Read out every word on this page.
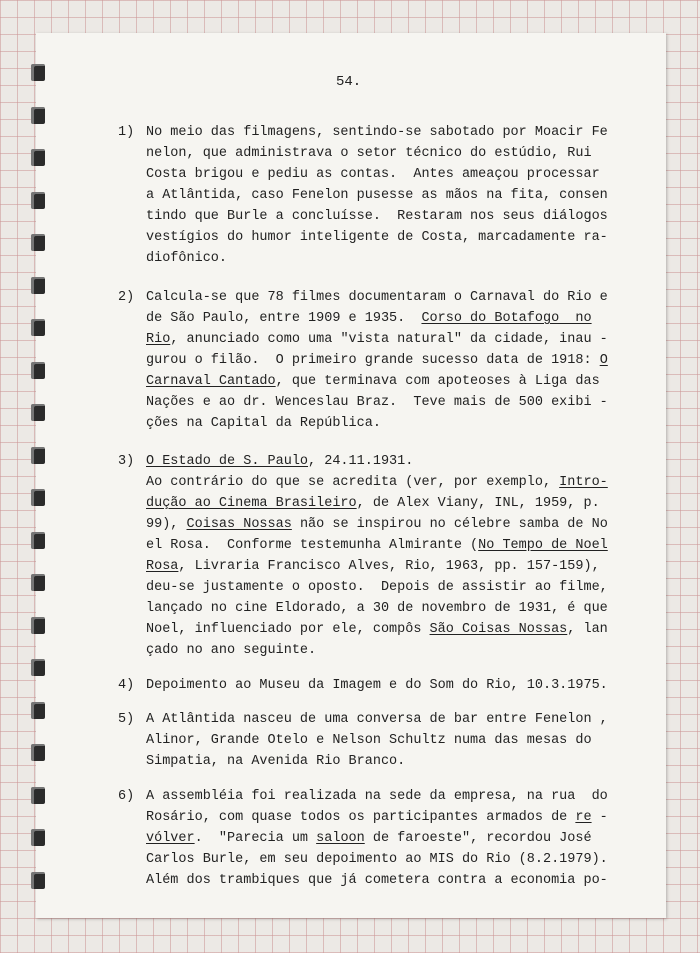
54.
1) No meio das filmagens, sentindo-se sabotado por Moacir Fe
nelon, que administrava o setor técnico do estúdio, Rui
Costa brigou e pediu as contas.  Antes ameaçou processar
a Atlântida, caso Fenelon pusesse as mãos na fita, consen
tindo que Burle a concluísse.  Restaram nos seus diálogos
vestígios do humor inteligente de Costa, marcadamente ra-
diofônico.
2) Calcula-se que 78 filmes documentaram o Carnaval do Rio e
de São Paulo, entre 1909 e 1935.  Corso do Botafogo  no
Rio, anunciado como uma "vista natural" da cidade, inau -
gurou o filão.  O primeiro grande sucesso data de 1918: O
Carnaval Cantado, que terminava com apoteoses à Liga das
Nações e ao dr. Wenceslau Braz.  Teve mais de 500 exibi -
ções na Capital da República.
3) O Estado de S. Paulo, 24.11.1931.
Ao contrário do que se acredita (ver, por exemplo, Intro-
dução ao Cinema Brasileiro, de Alex Viany, INL, 1959, p.
99), Coisas Nossas não se inspirou no célebre samba de No
el Rosa.  Conforme testemunha Almirante (No Tempo de Noel
Rosa, Livraria Francisco Alves, Rio, 1963, pp. 157-159),
deu-se justamente o oposto.  Depois de assistir ao filme,
lançado no cine Eldorado, a 30 de novembro de 1931, é que
Noel, influenciado por ele, compôs São Coisas Nossas, lan
çado no ano seguinte.
4) Depoimento ao Museu da Imagem e do Som do Rio, 10.3.1975.
5) A Atlântida nasceu de uma conversa de bar entre Fenelon ,
Alinor, Grande Otelo e Nelson Schultz numa das mesas do
Simpatia, na Avenida Rio Branco.
6) A assembléia foi realizada na sede da empresa, na rua  do
Rosário, com quase todos os participantes armados de re -
vólver.  "Parecia um saloon de faroeste", recordou José
Carlos Burle, em seu depoimento ao MIS do Rio (8.2.1979).
Além dos trambiques que já cometera contra a economia po-
